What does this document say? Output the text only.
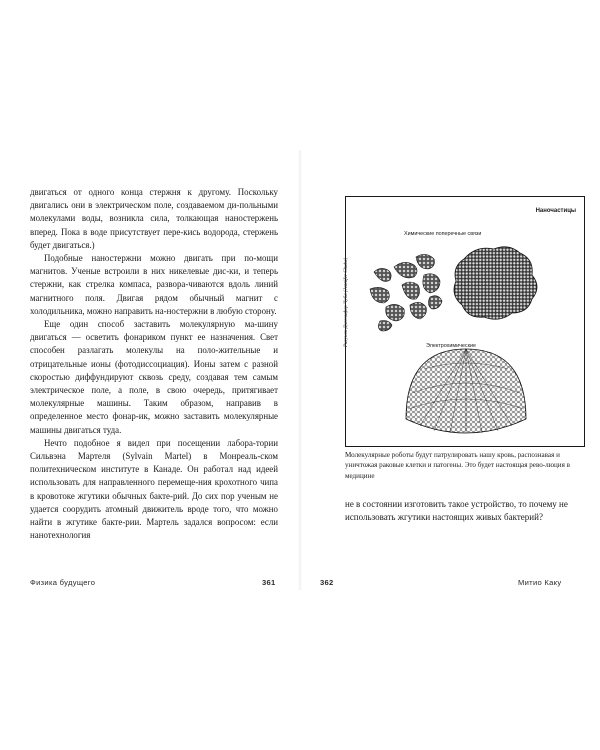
двигаться от одного конца стержня к другому. Поскольку двигались они в электрическом поле, создаваемом ди-польными молекулами воды, возникла сила, толкающая наностержень вперед. Пока в воде присутствует пере-кись водорода, стержень будет двигаться.)

Подобные наностержни можно двигать при по-мощи магнитов. Ученые встроили в них никелевые дис-ки, и теперь стержни, как стрелка компаса, развора-чиваются вдоль линий магнитного поля. Двигая рядом обычный магнит с холодильника, можно направить на-ностержни в любую сторону.

Еще один способ заставить молекулярную ма-шину двигаться — осветить фонариком пункт ее назначения. Свет способен разлагать молекулы на поло-жительные и отрицательные ионы (фотодиссоциация). Ионы затем с разной скоростью диффундируют сквозь среду, создавая тем самым электрическое поле, а поле, в свою очередь, притягивает молекулярные машины. Таким образом, направив в определенное место фонар-ик, можно заставить молекулярные машины двигаться туда.

Нечто подобное я видел при посещении лабора-тории Сильвэна Мартеля (Sylvain Martel) в Монреаль-ском политехническом институте в Канаде. Он работал над идеей использовать для направленного перемеще-ния крохотного чипа в кровотоке жгутики обычных бакте-рий. До сих пор ученым не удается соорудить атомный движитель вроде того, что можно найти в жгутике бакте-рии. Мартель задался вопросом: если нанотехнология

Физика будущего	361
Наночастицы
Химические поперечные связи
Электрохимические
Рисунок Дженифер Чуба (Jennifer Chuba)
Молекулярные роботы будут патрулировать нашу кровь, распознавая и уничтожая раковые клетки и патогены. Это будет настоящая рево-люция в медицине
не в состоянии изготовить такое устройство, то почему не использовать жгутики настоящих живых бактерий?
362	Митио Каку
